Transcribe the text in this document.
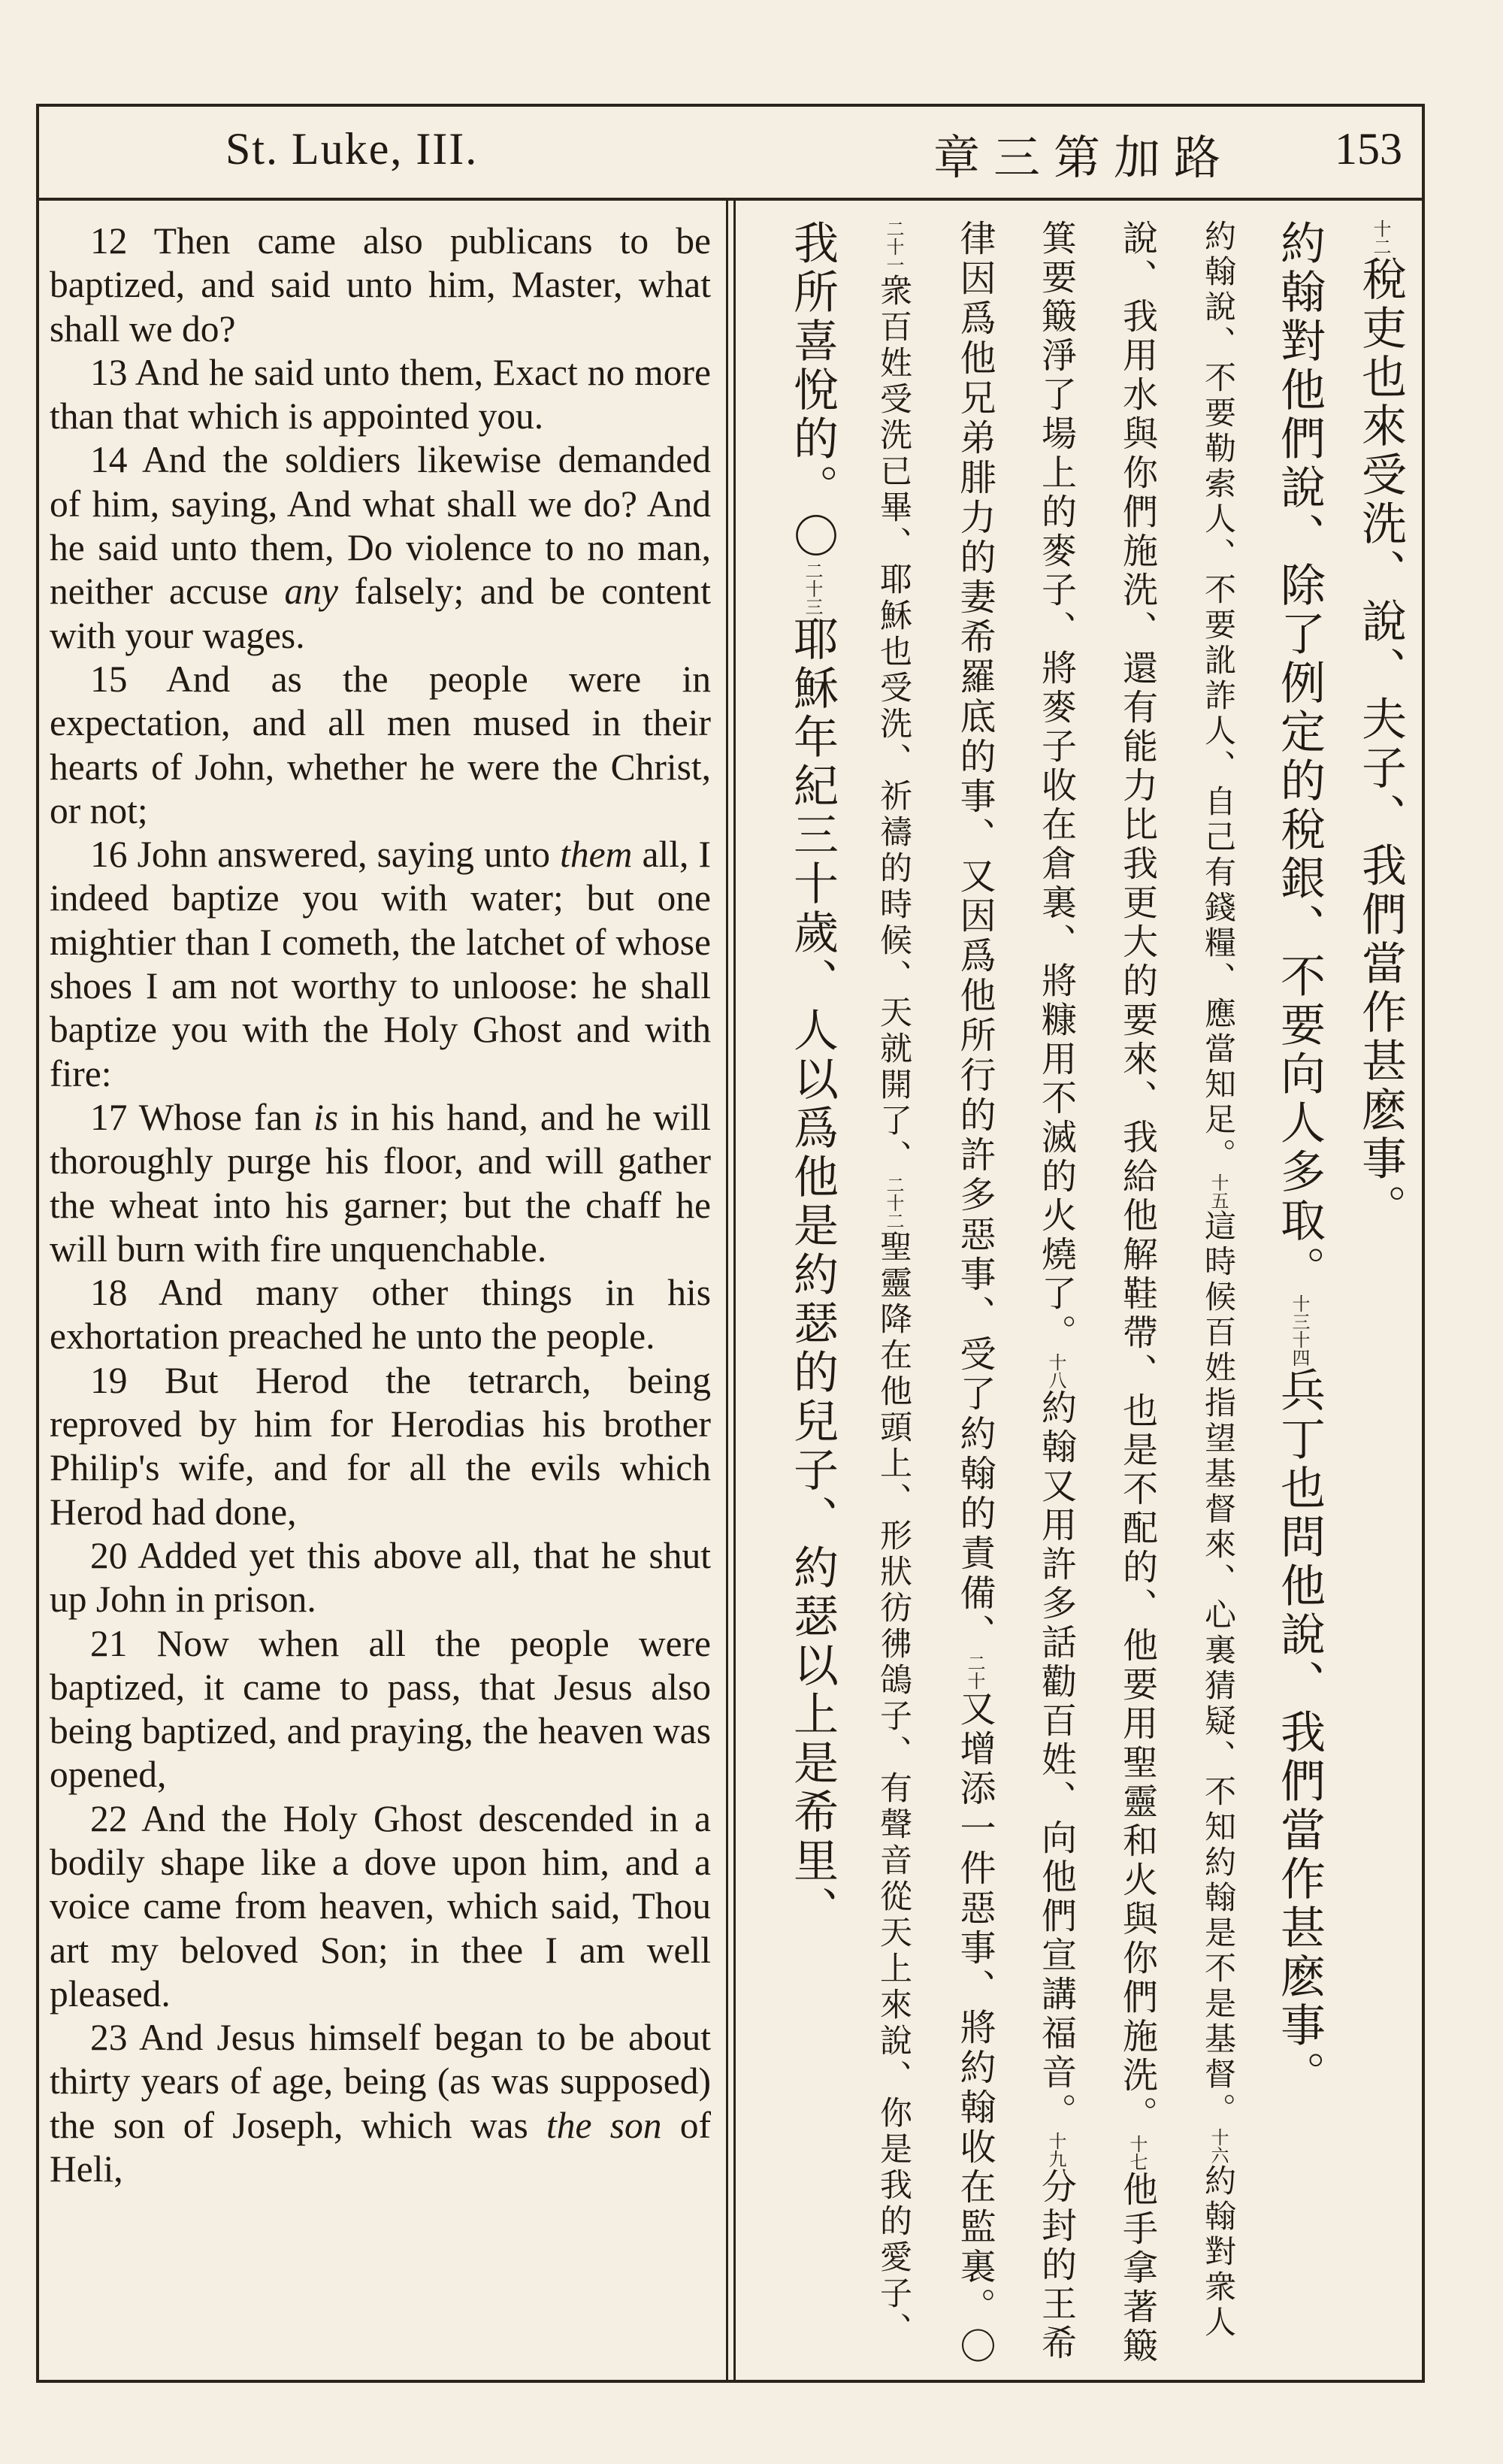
St. Luke, III.	章三第加路 153

12 Then came also publicans to be baptized, and said unto him, Master, what shall we do?

13 And he said unto them, Exact no more than that which is appointed you.

14 And the soldiers likewise demanded of him, saying, And what shall we do? And he said unto them, Do violence to no man, neither accuse any falsely; and be content with your wages.

15 And as the people were in expectation, and all men mused in their hearts of John, whether he were the Christ, or not;

16 John answered, saying unto them all, I indeed baptize you with water; but one mightier than I cometh, the latchet of whose shoes I am not worthy to unloose: he shall baptize you with the Holy Ghost and with fire:

17 Whose fan is in his hand, and he will thoroughly purge his floor, and will gather the wheat into his garner; but the chaff he will burn with fire unquenchable.

18 And many other things in his exhortation preached he unto the people.

19 But Herod the tetrarch, being reproved by him for Herodias his brother Philip's wife, and for all the evils which Herod had done,

20 Added yet this above all, that he shut up John in prison.

21 Now when all the people were baptized, it came to pass, that Jesus also being baptized, and praying, the heaven was opened,

22 And the Holy Ghost descended in a bodily shape like a dove upon him, and a voice came from heaven, which said, Thou art my beloved Son; in thee I am well pleased.

23 And Jesus himself began to be about thirty years of age, being (as was supposed) the son of Joseph, which was the son of Heli,

十二稅吏也來受洗、說、夫子、我們當作甚麽事。
約翰對他們說、除了例定的稅銀、不要向人多取。十三十四兵丁也問他說、我們當作甚麽事。
約翰說、不要勒索人、不要訛詐人、自己有錢糧、應當知足。十五這時候百姓指望基督來、心裏猜疑、不知約翰是不是基督。十六約翰對衆人
說、我用水與你們施洗、還有能力比我更大的要來、我給他解鞋帶、也是不配的、他要用聖靈和火與你們施洗。十七他手拿著簸
箕要簸淨了場上的麥子、將麥子收在倉裏、將糠用不滅的火燒了。十八約翰又用許多話勸百姓、向他們宣講福音。十九分封的王希
律因爲他兄弟腓力的妻希羅底的事、又因爲他所行的許多惡事、受了約翰的責備、二十又增添一件惡事、將約翰收在監裏。〇
二十一衆百姓受洗已畢、耶穌也受洗、祈禱的時候、天就開了、二十二聖靈降在他頭上、形狀彷彿鴿子、有聲音從天上來說、你是我的愛子、
我所喜悅的。〇二十三耶穌年紀三十歲、人以爲他是約瑟的兒子、約瑟以上是希里、
